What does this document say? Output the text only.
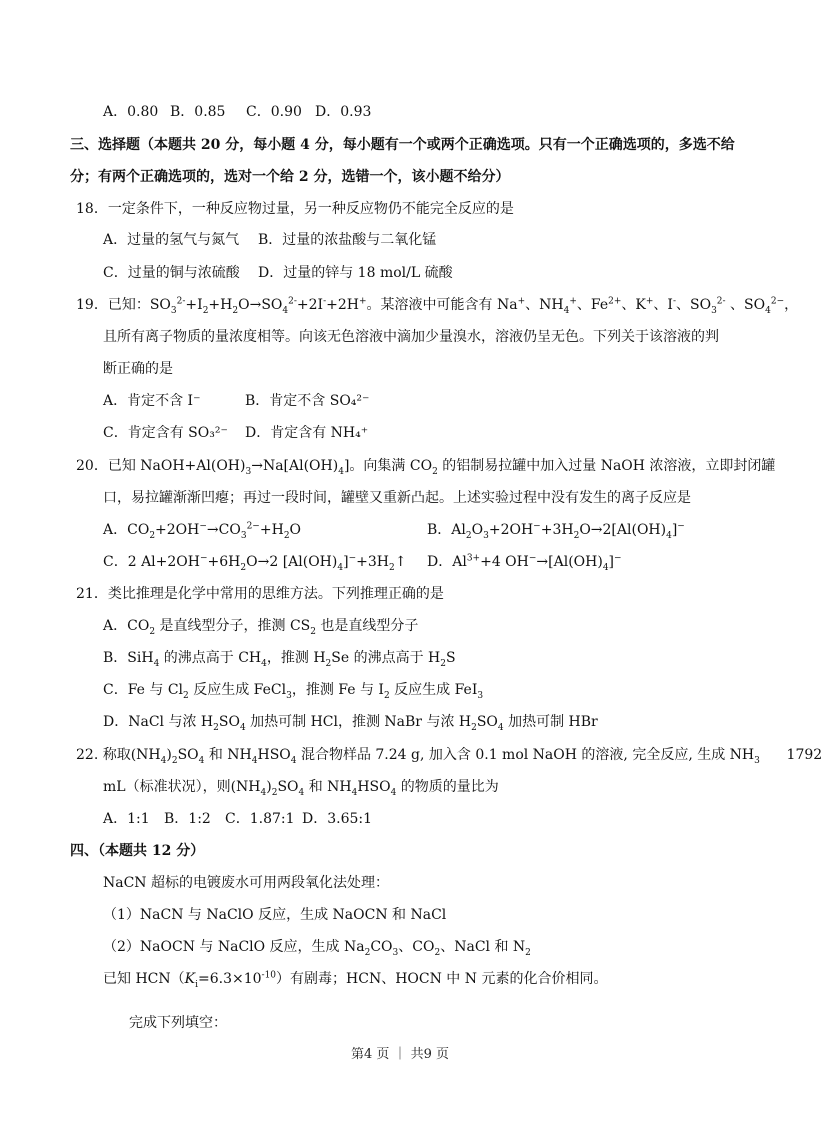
A．0.80 B．0.85 C．0.90 D．0.93
三、选择题（本题共 20 分，每小题 4 分，每小题有一个或两个正确选项。只有一个正确选项的，多选不给
分；有两个正确选项的，选对一个给 2 分，选错一个，该小题不给分）
18．一定条件下，一种反应物过量，另一种反应物仍不能完全反应的是
A．过量的氢气与氮气 B．过量的浓盐酸与二氧化锰
C．过量的铜与浓硫酸 D．过量的锌与 18 mol/L 硫酸
19．已知：$SO_3^{2-}+I_2+H_2O\to SO_4^{2-}+2I^-+2H^+$。某溶液中可能含有 Na+、$NH_4^+$、$Fe^{2+}$、K+、I-、$SO_3^{2-}$ 、$SO_4^{2-}$，
且所有离子物质的量浓度相等。向该无色溶液中滴加少量溴水，溶液仍呈无色。下列关于该溶液的判
断正确的是
A．肯定不含 I⁻	B．肯定不含 SO₄²⁻
C．肯定含有 SO₃²⁻ D．肯定含有 NH₄⁺
20．已知 $NaOH+Al(OH)_3\to Na[Al(OH)_4]$。向集满 $CO_2$ 的铝制易拉罐中加入过量 NaOH 浓溶液，立即封闭罐
口，易拉罐渐渐凹瘪；再过一段时间，罐壁又重新凸起。上述实验过程中没有发生的离子反应是
A．$CO_2+2OH^-\to CO_3^{2-}+H_2O$	B．$Al_2O_3+2OH^-+3H_2O\to 2[Al(OH)_4]^-$
C．2 $Al+2OH^-+6H_2O\to 2$ $[Al(OH)_4]^-+3H_2↑$ D．$Al^{3+}+4$ $OH^-\to[Al(OH)_4]^-$
21．类比推理是化学中常用的思维方法。下列推理正确的是
A．$CO_2$ 是直线型分子，推测 $CS_2$ 也是直线型分子
B．SiH$_4$ 的沸点高于 $CH_4$，推测 $H_2Se$ 的沸点高于 $H_2S$
C．Fe 与 $Cl_2$ 反应生成 FeCl$_3$，推测 Fe 与 $I_2$ 反应生成 FeI$_3$
D．NaCl 与浓 $H_2SO_4$ 加热可制 HCl，推测 NaBr 与浓 $H_2SO_4$ 加热可制 HBr
22. 称取$(NH_4)_2SO_4$ 和 $NH_4HSO_4$ 混合物样品 7.24 g, 加入含 0.1 mol NaOH 的溶液, 完全反应, 生成 $NH_3$      1792
mL（标准状况），则$(NH_4)_2SO_4$ 和 $NH_4HSO_4$ 的物质的量比为
A．1:1 B．1:2 C．1.87:1 D．3.65:1
四、（本题共 12 分）
NaCN 超标的电镀废水可用两段氧化法处理：
（1）NaCN 与 NaClO 反应，生成 NaOCN 和 NaCl
（2）NaOCN 与 NaClO 反应，生成 $Na_2CO_3$、$CO_2$、NaCl 和 $N_2$
已知 $HCN(K_i=6.3\times 10^{-10})$有剧毒；HCN、HOCN 中 N 元素的化合价相同。
完成下列填空：
第4 页 ｜ 共9 页
